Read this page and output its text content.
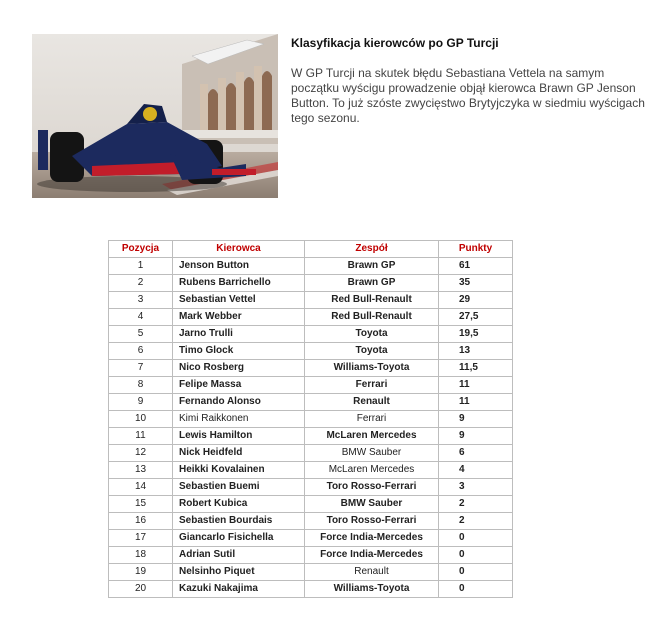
Klasyfikacja kierowców po GP Turcji

W GP Turcji na skutek błędu Sebastiana Vettela na samym początku wyścigu prowadzenie objął kierowca Brawn GP Jenson Button. To już szóste zwycięstwo Brytyjczyka w siedmiu wyścigach tego sezonu.

Pozycja	Kierowca	Zespół	Punkty
1	Jenson Button	Brawn GP	61
2	Rubens Barrichello	Brawn GP	35
3	Sebastian Vettel	Red Bull-Renault	29
4	Mark Webber	Red Bull-Renault	27,5
5	Jarno Trulli	Toyota	19,5
6	Timo Glock	Toyota	13
7	Nico Rosberg	Williams-Toyota	11,5
8	Felipe Massa	Ferrari	11
9	Fernando Alonso	Renault	11
10	Kimi Raikkonen	Ferrari	9
11	Lewis Hamilton	McLaren Mercedes	9
12	Nick Heidfeld	BMW Sauber	6
13	Heikki Kovalainen	McLaren Mercedes	4
14	Sebastien Buemi	Toro Rosso-Ferrari	3
15	Robert Kubica	BMW Sauber	2
16	Sebastien Bourdais	Toro Rosso-Ferrari	2
17	Giancarlo Fisichella	Force India-Mercedes	0
18	Adrian Sutil	Force India-Mercedes	0
19	Nelsinho Piquet	Renault	0
20	Kazuki Nakajima	Williams-Toyota	0
